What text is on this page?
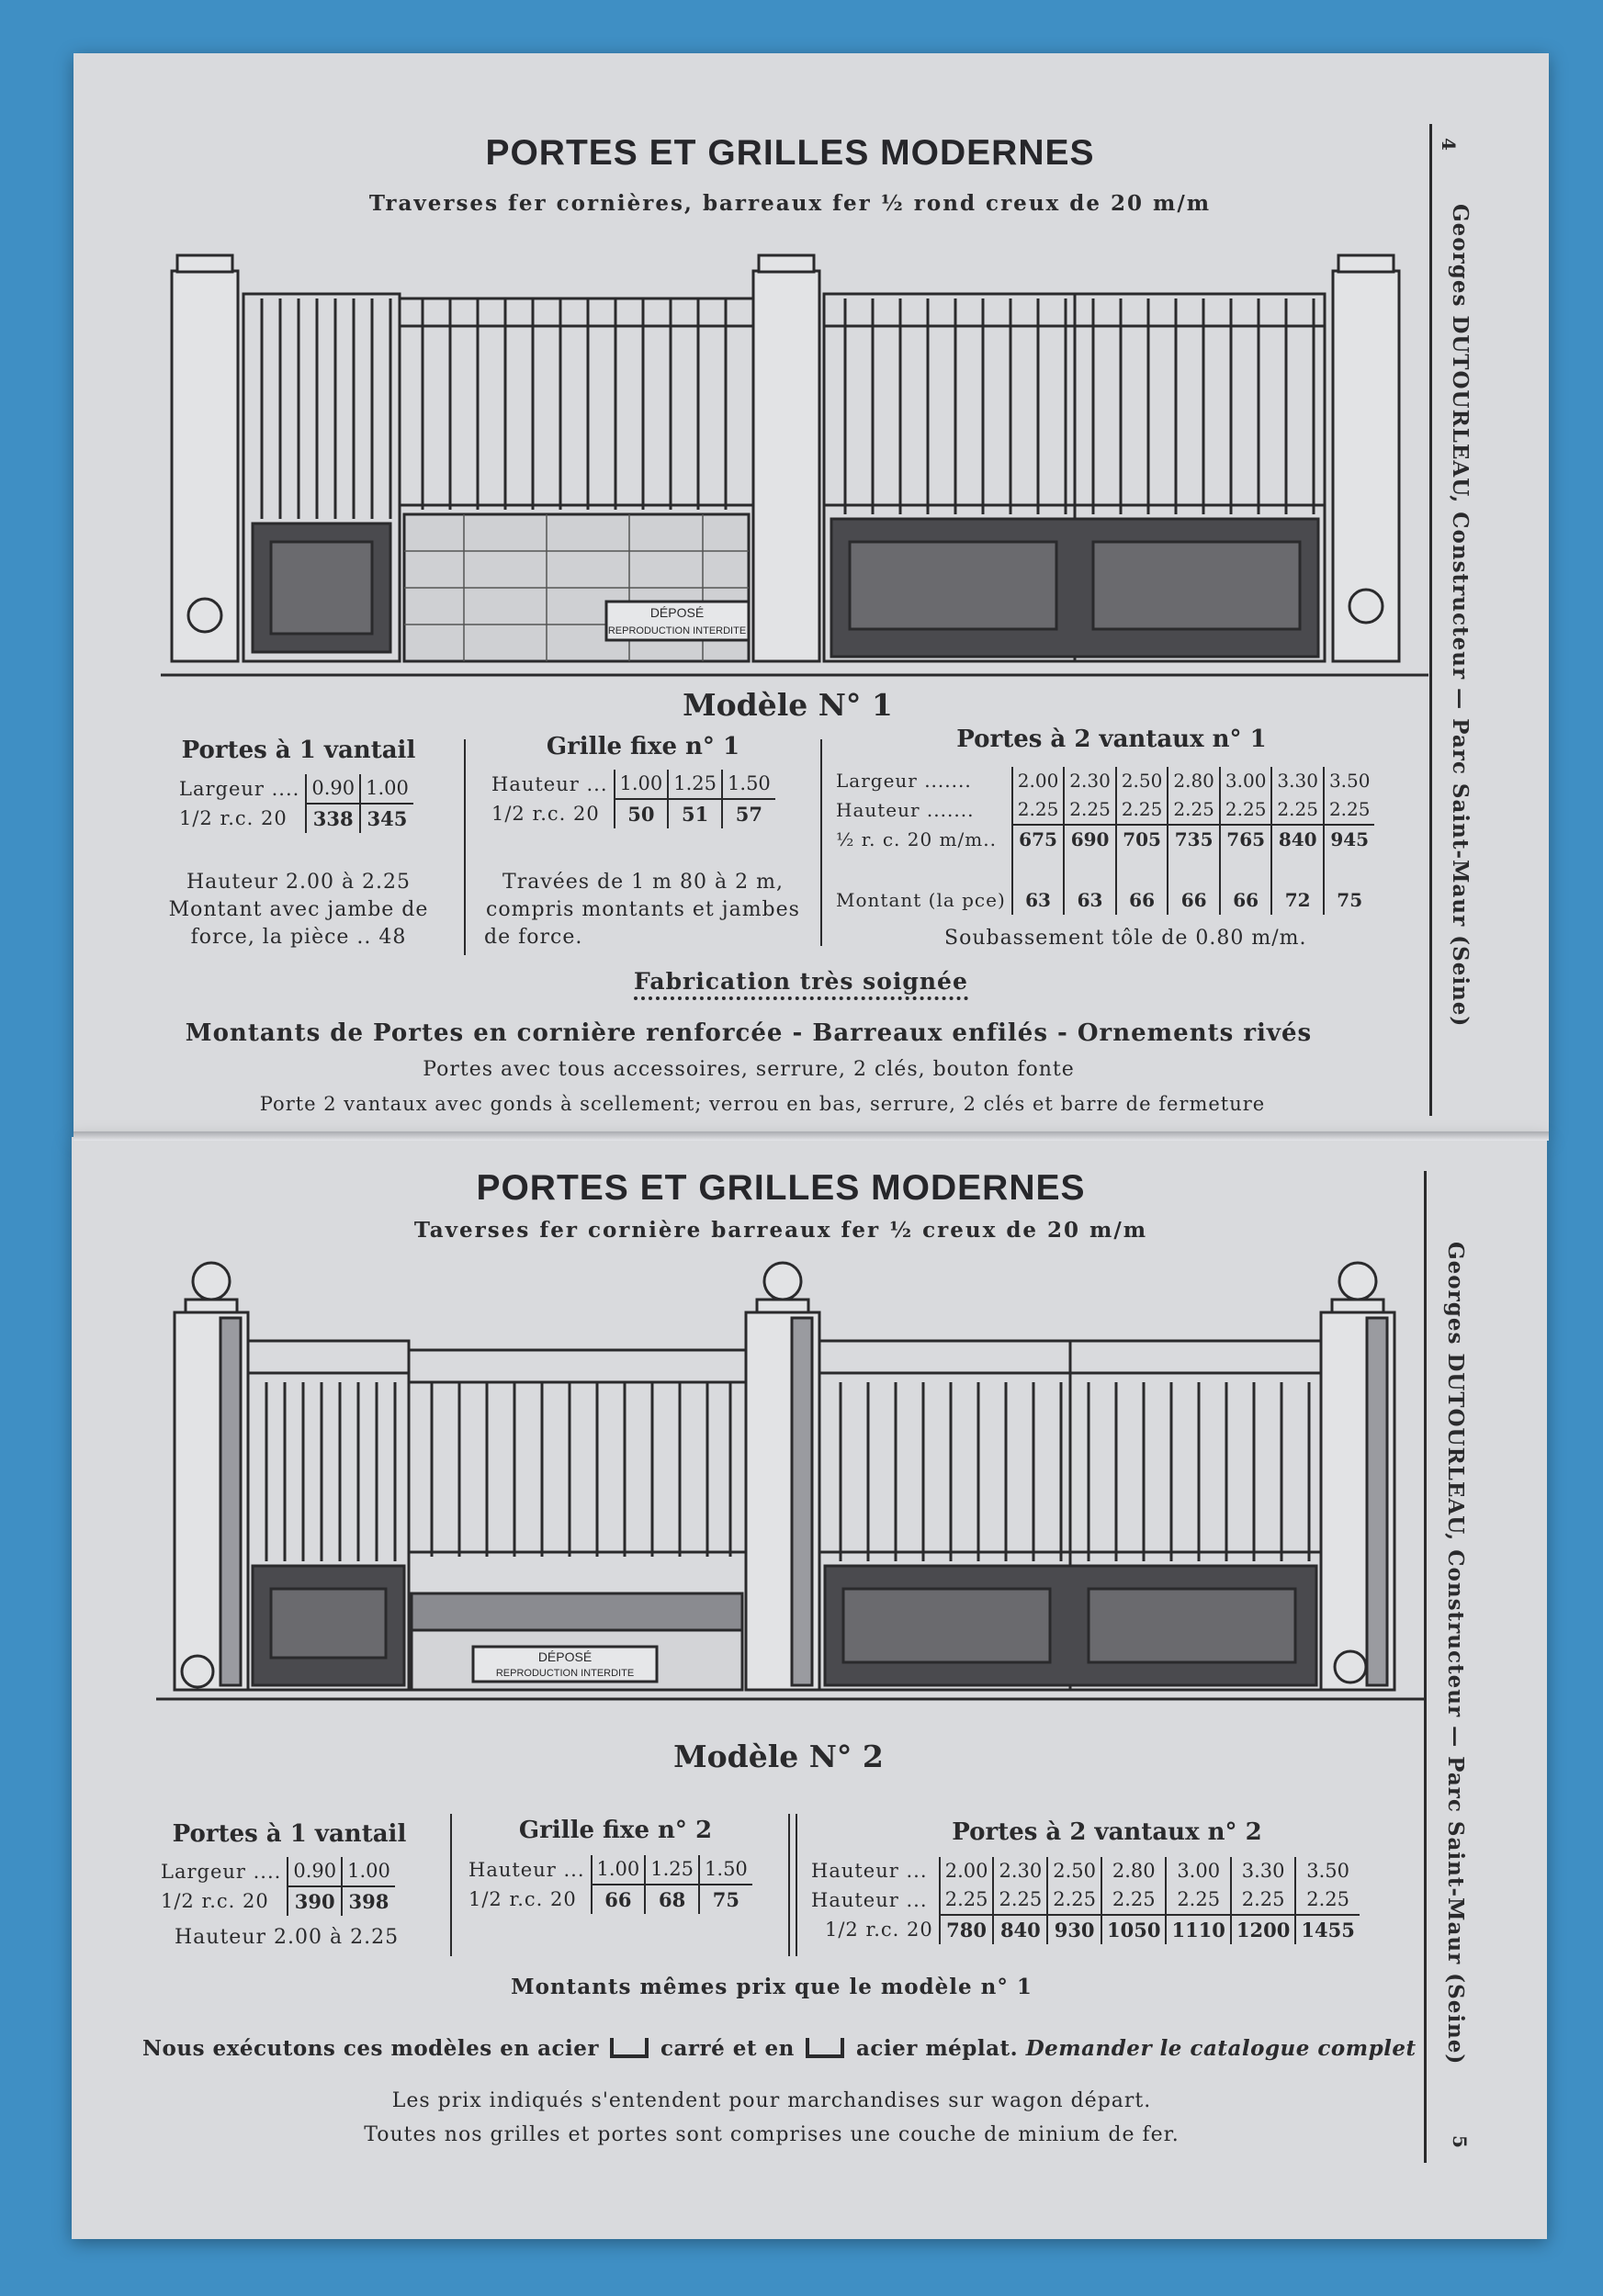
PORTES ET GRILLES MODERNES
Traverses fer cornières, barreaux fer ½ rond creux de 20 m/m
4
Georges DUTOURLEAU, Constructeur — Parc Saint-Maur (Seine)
DÉPOSÉ
REPRODUCTION INTERDITE
Modèle N° 1
Portes à 1 vantail
Largeur ....	0.90	1.00
1/2 r.c. 20	338	345
Hauteur 2.00 à 2.25
Montant avec jambe de
force, la pièce .. 48
Grille fixe n° 1
Hauteur ...	1.00	1.25	1.50
1/2 r.c. 20	50	51	57
Travées de 1 m 80 à 2 m,
compris montants et jambes
de force.
Portes à 2 vantaux n° 1
Largeur .......	2.00	2.30	2.50	2.80	3.00	3.30	3.50
Hauteur .......	2.25	2.25	2.25	2.25	2.25	2.25	2.25
½ r. c. 20 m/m..	675	690	705	735	765	840	945
Montant (la pce)	63	63	66	66	66	72	75
Soubassement tôle de 0.80 m/m.
Fabrication très soignée
Montants de Portes en cornière renforcée - Barreaux enfilés - Ornements rivés
Portes avec tous accessoires, serrure, 2 clés, bouton fonte
Porte 2 vantaux avec gonds à scellement; verrou en bas, serrure, 2 clés et barre de fermeture
PORTES ET GRILLES MODERNES
Taverses fer cornière barreaux fer ½ creux de 20 m/m
Georges DUTOURLEAU, Constructeur — Parc Saint-Maur (Seine)
5
DÉPOSÉ
REPRODUCTION INTERDITE
Modèle N° 2
Portes à 1 vantail
Largeur ....	0.90	1.00
1/2 r.c. 20	390	398
Hauteur 2.00 à 2.25
Grille fixe n° 2
Hauteur ...	1.00	1.25	1.50
1/2 r.c. 20	66	68	75
Portes à 2 vantaux n° 2
Hauteur ...	2.00	2.30	2.50	2.80	3.00	3.30	3.50
Hauteur ...	2.25	2.25	2.25	2.25	2.25	2.25	2.25
1/2 r.c. 20	780	840	930	1050	1110	1200	1455
Montants mêmes prix que le modèle n° 1
Nous exécutons ces modèles en acier	carré et en	acier méplat. Demander le catalogue complet
Les prix indiqués s'entendent pour marchandises sur wagon départ.
Toutes nos grilles et portes sont comprises une couche de minium de fer.
